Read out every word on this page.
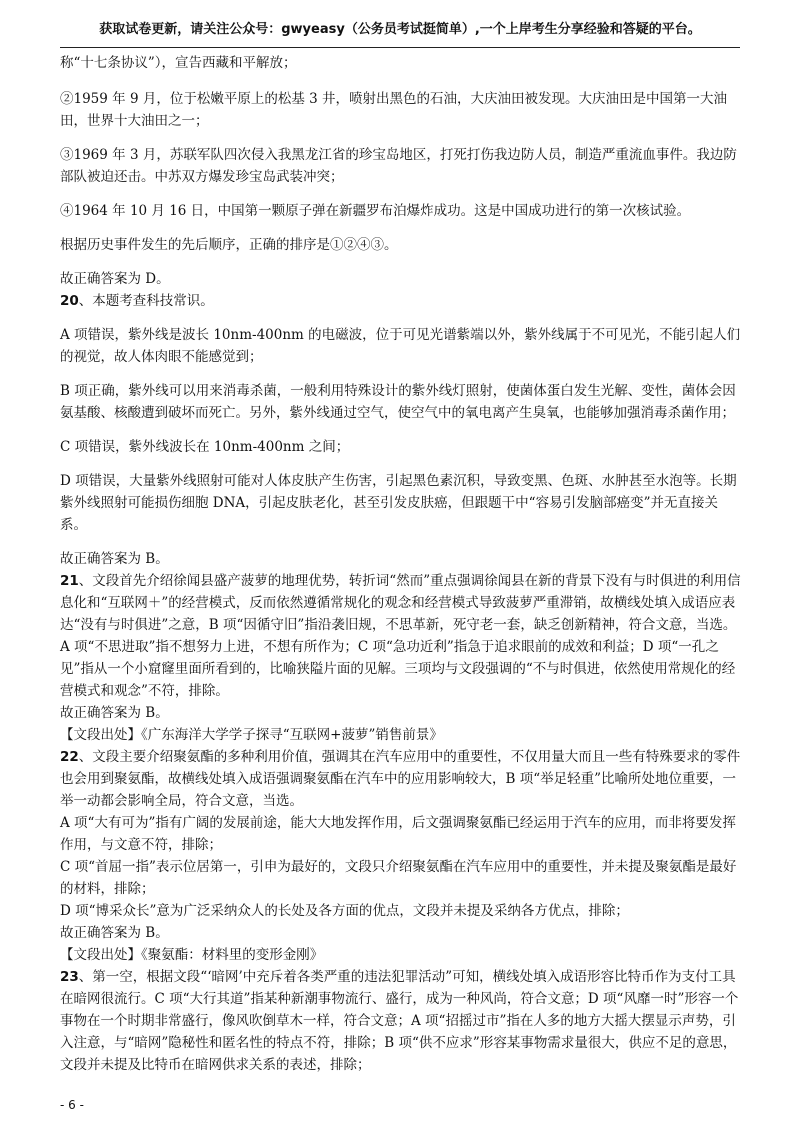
获取试卷更新，请关注公众号：gwyeasy（公务员考试挺简单）,一个上岸考生分享经验和答疑的平台。
称“十七条协议”），宣告西藏和平解放；
②1959 年 9 月，位于松嫩平原上的松基 3 井，喷射出黑色的石油，大庆油田被发现。大庆油田是中国第一大油田，世界十大油田之一；
③1969 年 3 月，苏联军队四次侵入我黑龙江省的珍宝岛地区，打死打伤我边防人员，制造严重流血事件。我边防部队被迫还击。中苏双方爆发珍宝岛武装冲突；
④1964 年 10 月 16 日，中国第一颗原子弹在新疆罗布泊爆炸成功。这是中国成功进行的第一次核试验。
根据历史事件发生的先后顺序，正确的排序是①②④③。
故正确答案为 D。
20、本题考查科技常识。
A 项错误，紫外线是波长 10nm-400nm 的电磁波，位于可见光谱紫端以外，紫外线属于不可见光，不能引起人们的视觉，故人体肉眼不能感觉到；
B 项正确，紫外线可以用来消毒杀菌，一般利用特殊设计的紫外线灯照射，使菌体蛋白发生光解、变性，菌体会因氨基酸、核酸遭到破坏而死亡。另外，紫外线通过空气，使空气中的氧电离产生臭氧，也能够加强消毒杀菌作用；
C 项错误，紫外线波长在 10nm-400nm 之间；
D 项错误，大量紫外线照射可能对人体皮肤产生伤害，引起黑色素沉积，导致变黑、色斑、水肿甚至水泡等。长期紫外线照射可能损伤细胞 DNA，引起皮肤老化，甚至引发皮肤癌，但跟题干中“容易引发脑部癌变”并无直接关系。
故正确答案为 B。
21、文段首先介绍徐闻县盛产菠萝的地理优势，转折词“然而”重点强调徐闻县在新的背景下没有与时俱进的利用信息化和“互联网＋”的经营模式，反而依然遵循常规化的观念和经营模式导致菠萝严重滞销，故横线处填入成语应表达“没有与时俱进”之意，B 项“因循守旧”指沿袭旧规，不思革新，死守老一套，缺乏创新精神，符合文意，当选。
A 项“不思进取”指不想努力上进，不想有所作为；C 项“急功近利”指急于追求眼前的成效和利益；D 项“一孔之见”指从一个小窟窿里面所看到的，比喻狭隘片面的见解。三项均与文段强调的“不与时俱进，依然使用常规化的经营模式和观念”不符，排除。
故正确答案为 B。
【文段出处】《广东海洋大学学子探寻“互联网+菠萝”销售前景》
22、文段主要介绍聚氨酯的多种利用价值，强调其在汽车应用中的重要性，不仅用量大而且一些有特殊要求的零件也会用到聚氨酯，故横线处填入成语强调聚氨酯在汽车中的应用影响较大，B 项“举足轻重”比喻所处地位重要，一举一动都会影响全局，符合文意，当选。
A 项“大有可为”指有广阔的发展前途，能大大地发挥作用，后文强调聚氨酯已经运用于汽车的应用，而非将要发挥作用，与文意不符，排除；
C 项“首屈一指”表示位居第一，引申为最好的，文段只介绍聚氨酯在汽车应用中的重要性，并未提及聚氨酯是最好的材料，排除；
D 项“博采众长”意为广泛采纳众人的长处及各方面的优点，文段并未提及采纳各方优点，排除；
故正确答案为 B。
【文段出处】《聚氨酯：材料里的变形金刚》
23、第一空，根据文段“‘暗网’中充斥着各类严重的违法犯罪活动”可知，横线处填入成语形容比特币作为支付工具在暗网很流行。C 项“大行其道”指某种新潮事物流行、盛行，成为一种风尚，符合文意；D 项“风靡一时”形容一个事物在一个时期非常盛行，像风吹倒草木一样，符合文意；A 项“招摇过市”指在人多的地方大摇大摆显示声势，引入注意，与“暗网”隐秘性和匿名性的特点不符，排除；B 项“供不应求”形容某事物需求量很大，供应不足的意思，文段并未提及比特币在暗网供求关系的表述，排除；
- 6 -
